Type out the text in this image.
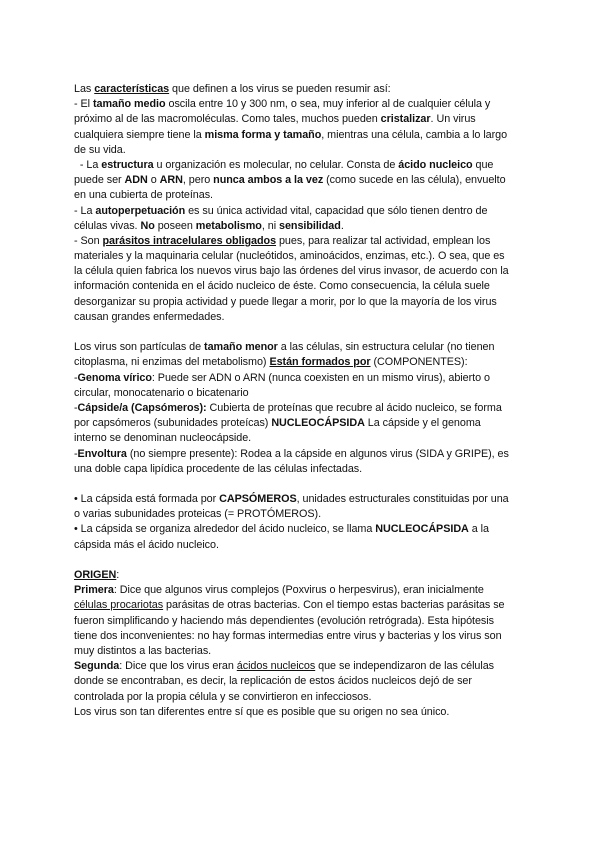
Las características que definen a los virus se pueden resumir así:
- El tamaño medio oscila entre 10 y 300 nm, o sea, muy inferior al de cualquier célula y
próximo al de las macromoléculas. Como tales, muchos pueden cristalizar. Un virus
cualquiera siempre tiene la misma forma y tamaño, mientras una célula, cambia a lo largo
de su vida.
- La estructura u organización es molecular, no celular. Consta de ácido nucleico que
puede ser ADN o ARN, pero nunca ambos a la vez (como sucede en las célula), envuelto
en una cubierta de proteínas.
- La autoperpetuación es su única actividad vital, capacidad que sólo tienen dentro de
células vivas. No poseen metabolismo, ni sensibilidad.
- Son parásitos intracelulares obligados pues, para realizar tal actividad, emplean los
materiales y la maquinaria celular (nucleótidos, aminoácidos, enzimas, etc.). O sea, que es
la célula quien fabrica los nuevos virus bajo las órdenes del virus invasor, de acuerdo con la
información contenida en el ácido nucleico de éste. Como consecuencia, la célula suele
desorganizar su propia actividad y puede llegar a morir, por lo que la mayoría de los virus
causan grandes enfermedades.
Los virus son partículas de tamaño menor a las células, sin estructura celular (no tienen
citoplasma, ni enzimas del metabolismo) Están formados por (COMPONENTES):
-Genoma vírico: Puede ser ADN o ARN (nunca coexisten en un mismo virus), abierto o
circular, monocatenario o bicatenario
-Cápside/a (Capsómeros): Cubierta de proteínas que recubre al ácido nucleico, se forma
por capsómeros (subunidades proteícas) NUCLEOCÁPSIDA La cápside y el genoma
interno se denominan nucleocápside.
-Envoltura (no siempre presente): Rodea a la cápside en algunos virus (SIDA y GRIPE), es
una doble capa lipídica procedente de las células infectadas.
• La cápsida está formada por CAPSÓMEROS, unidades estructurales constituidas por una
o varias subunidades proteicas (= PROTÓMEROS).
• La cápsida se organiza alrededor del ácido nucleico, se llama NUCLEOCÁPSIDA a la
cápsida más el ácido nucleico.
ORIGEN:
Primera: Dice que algunos virus complejos (Poxvirus o herpesvirus), eran inicialmente
células procariotas parásitas de otras bacterias. Con el tiempo estas bacterias parásitas se
fueron simplificando y haciendo más dependientes (evolución retrógrada). Esta hipótesis
tiene dos inconvenientes: no hay formas intermedias entre virus y bacterias y los virus son
muy distintos a las bacterias.
Segunda: Dice que los virus eran ácidos nucleicos que se independizaron de las células
donde se encontraban, es decir, la replicación de estos ácidos nucleicos dejó de ser
controlada por la propia célula y se convirtieron en infecciosos.
Los virus son tan diferentes entre sí que es posible que su origen no sea único.
